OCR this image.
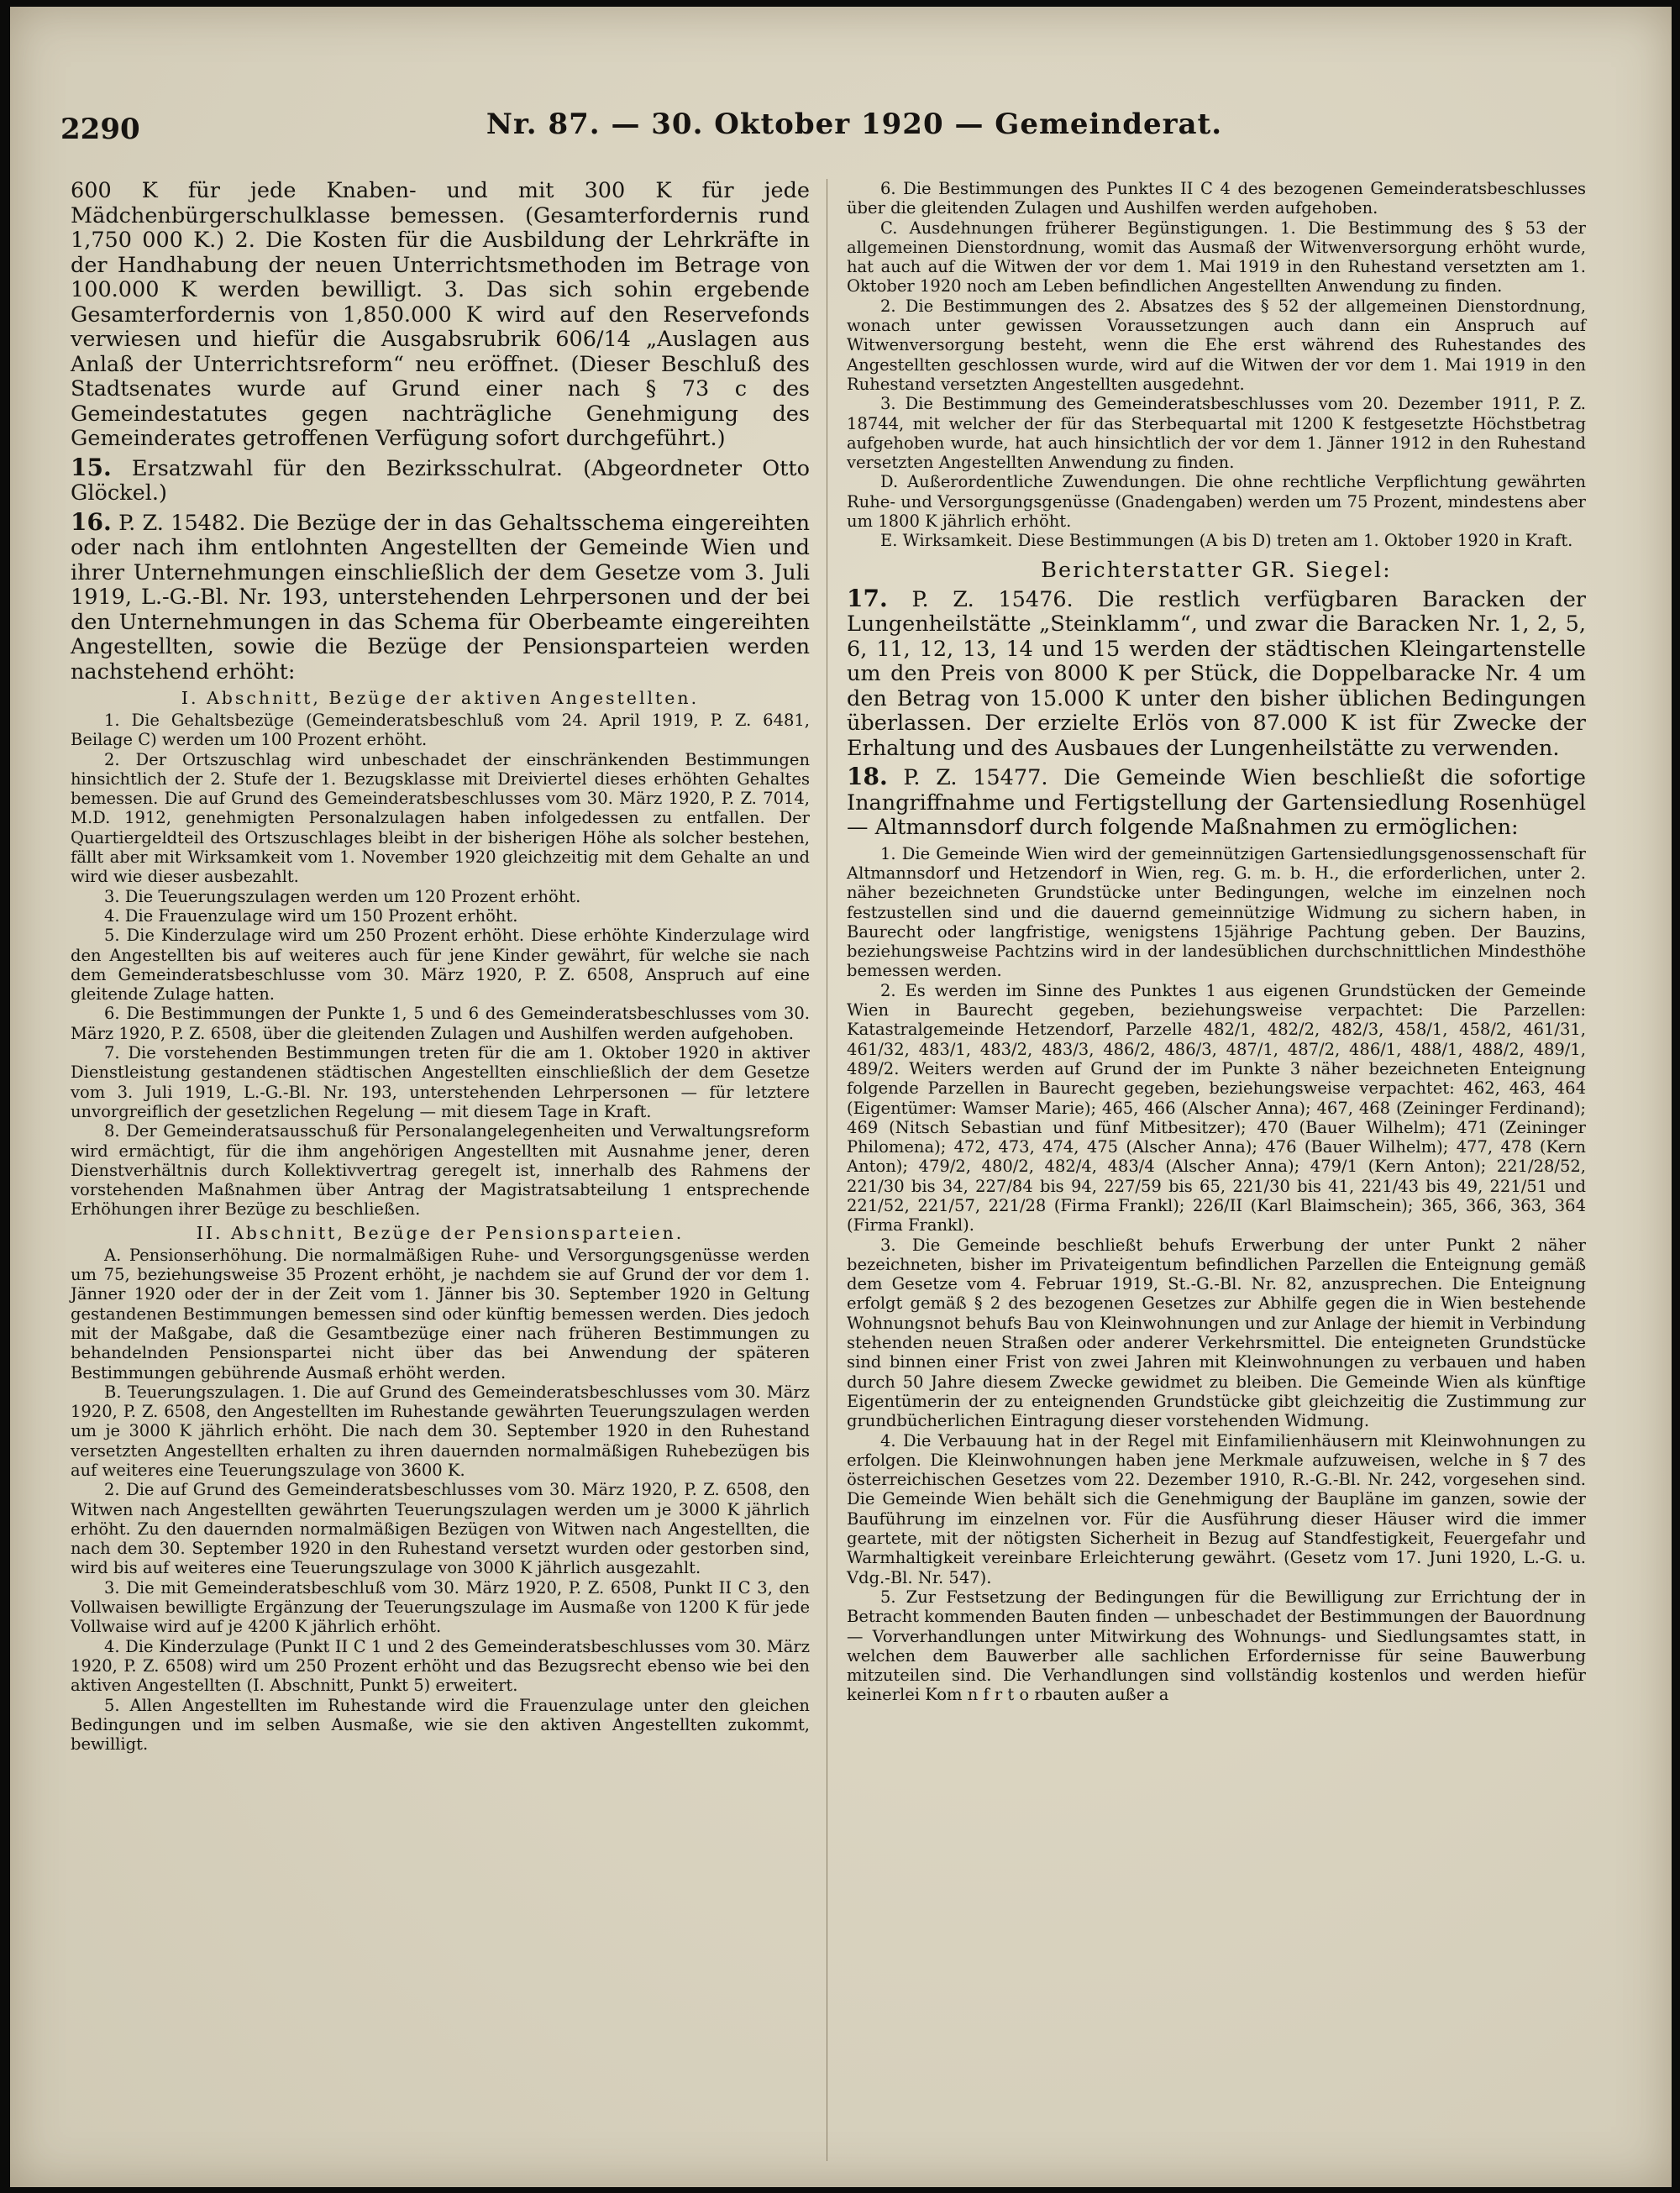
2290	Nr. 87. — 30. Oktober 1920 — Gemeinderat.

600 K für jede Knaben- und mit 300 K für jede Mädchenbürgerschulklasse bemessen. (Gesamterfordernis rund 1,750 000 K.) 2. Die Kosten für die Ausbildung der Lehrkräfte in der Handhabung der neuen Unterrichtsmethoden im Betrage von 100.000 K werden bewilligt. 3. Das sich sohin ergebende Gesamterfordernis von 1,850.000 K wird auf den Reservefonds verwiesen und hiefür die Ausgabsrubrik 606/14 „Auslagen aus Anlaß der Unterrichtsreform“ neu eröffnet. (Dieser Beschluß des Stadtsenates wurde auf Grund einer nach § 73 c des Gemeindestatutes gegen nachträgliche Genehmigung des Gemeinderates getroffenen Verfügung sofort durchgeführt.)

15. Ersatzwahl für den Bezirksschulrat. (Abgeordneter Otto Glöckel.)

16. P. Z. 15482. Die Bezüge der in das Gehaltsschema eingereihten oder nach ihm entlohnten Angestellten der Gemeinde Wien und ihrer Unternehmungen einschließlich der dem Gesetze vom 3. Juli 1919, L.-G.-Bl. Nr. 193, unterstehenden Lehrpersonen und der bei den Unternehmungen in das Schema für Oberbeamte eingereihten Angestellten, sowie die Bezüge der Pensionsparteien werden nachstehend erhöht:

I. Abschnitt, Bezüge der aktiven Angestellten.

1. Die Gehaltsbezüge (Gemeinderatsbeschluß vom 24. April 1919, P. Z. 6481, Beilage C) werden um 100 Prozent erhöht.

2. Der Ortszuschlag wird unbeschadet der einschränkenden Bestimmungen hinsichtlich der 2. Stufe der 1. Bezugsklasse mit Dreiviertel dieses erhöhten Gehaltes bemessen. Die auf Grund des Gemeinderatsbeschlusses vom 30. März 1920, P. Z. 7014, M.D. 1912, genehmigten Personalzulagen haben infolgedessen zu entfallen. Der Quartiergeldteil des Ortszuschlages bleibt in der bisherigen Höhe als solcher bestehen, fällt aber mit Wirksamkeit vom 1. November 1920 gleichzeitig mit dem Gehalte an und wird wie dieser ausbezahlt.

3. Die Teuerungszulagen werden um 120 Prozent erhöht.

4. Die Frauenzulage wird um 150 Prozent erhöht.

5. Die Kinderzulage wird um 250 Prozent erhöht. Diese erhöhte Kinderzulage wird den Angestellten bis auf weiteres auch für jene Kinder gewährt, für welche sie nach dem Gemeinderatsbeschlusse vom 30. März 1920, P. Z. 6508, Anspruch auf eine gleitende Zulage hatten.

6. Die Bestimmungen der Punkte 1, 5 und 6 des Gemeinderatsbeschlusses vom 30. März 1920, P. Z. 6508, über die gleitenden Zulagen und Aushilfen werden aufgehoben.

7. Die vorstehenden Bestimmungen treten für die am 1. Oktober 1920 in aktiver Dienstleistung gestandenen städtischen Angestellten einschließlich der dem Gesetze vom 3. Juli 1919, L.-G.-Bl. Nr. 193, unterstehenden Lehrpersonen — für letztere unvorgreiflich der gesetzlichen Regelung — mit diesem Tage in Kraft.

8. Der Gemeinderatsausschuß für Personalangelegenheiten und Verwaltungsreform wird ermächtigt, für die ihm angehörigen Angestellten mit Ausnahme jener, deren Dienstverhältnis durch Kollektivvertrag geregelt ist, innerhalb des Rahmens der vorstehenden Maßnahmen über Antrag der Magistratsabteilung 1 entsprechende Erhöhungen ihrer Bezüge zu beschließen.

II. Abschnitt, Bezüge der Pensionsparteien.

A. Pensionserhöhung. Die normalmäßigen Ruhe- und Versorgungsgenüsse werden um 75, beziehungsweise 35 Prozent erhöht, je nachdem sie auf Grund der vor dem 1. Jänner 1920 oder der in der Zeit vom 1. Jänner bis 30. September 1920 in Geltung gestandenen Bestimmungen bemessen sind oder künftig bemessen werden. Dies jedoch mit der Maßgabe, daß die Gesamtbezüge einer nach früheren Bestimmungen zu behandelnden Pensionspartei nicht über das bei Anwendung der späteren Bestimmungen gebührende Ausmaß erhöht werden.

B. Teuerungszulagen. 1. Die auf Grund des Gemeinderatsbeschlusses vom 30. März 1920, P. Z. 6508, den Angestellten im Ruhestande gewährten Teuerungszulagen werden um je 3000 K jährlich erhöht. Die nach dem 30. September 1920 in den Ruhestand versetzten Angestellten erhalten zu ihren dauernden normalmäßigen Ruhebezügen bis auf weiteres eine Teuerungszulage von 3600 K.

2. Die auf Grund des Gemeinderatsbeschlusses vom 30. März 1920, P. Z. 6508, den Witwen nach Angestellten gewährten Teuerungszulagen werden um je 3000 K jährlich erhöht. Zu den dauernden normalmäßigen Bezügen von Witwen nach Angestellten, die nach dem 30. September 1920 in den Ruhestand versetzt wurden oder gestorben sind, wird bis auf weiteres eine Teuerungszulage von 3000 K jährlich ausgezahlt.

3. Die mit Gemeinderatsbeschluß vom 30. März 1920, P. Z. 6508, Punkt II C 3, den Vollwaisen bewilligte Ergänzung der Teuerungszulage im Ausmaße von 1200 K für jede Vollwaise wird auf je 4200 K jährlich erhöht.

4. Die Kinderzulage (Punkt II C 1 und 2 des Gemeinderatsbeschlusses vom 30. März 1920, P. Z. 6508) wird um 250 Prozent erhöht und das Bezugsrecht ebenso wie bei den aktiven Angestellten (I. Abschnitt, Punkt 5) erweitert.

5. Allen Angestellten im Ruhestande wird die Frauenzulage unter den gleichen Bedingungen und im selben Ausmaße, wie sie den aktiven Angestellten zukommt, bewilligt.

6. Die Bestimmungen des Punktes II C 4 des bezogenen Gemeinderatsbeschlusses über die gleitenden Zulagen und Aushilfen werden aufgehoben.

C. Ausdehnungen früherer Begünstigungen. 1. Die Bestimmung des § 53 der allgemeinen Dienstordnung, womit das Ausmaß der Witwenversorgung erhöht wurde, hat auch auf die Witwen der vor dem 1. Mai 1919 in den Ruhestand versetzten am 1. Oktober 1920 noch am Leben befindlichen Angestellten Anwendung zu finden.

2. Die Bestimmungen des 2. Absatzes des § 52 der allgemeinen Dienstordnung, wonach unter gewissen Voraussetzungen auch dann ein Anspruch auf Witwenversorgung besteht, wenn die Ehe erst während des Ruhestandes des Angestellten geschlossen wurde, wird auf die Witwen der vor dem 1. Mai 1919 in den Ruhestand versetzten Angestellten ausgedehnt.

3. Die Bestimmung des Gemeinderatsbeschlusses vom 20. Dezember 1911, P. Z. 18744, mit welcher der für das Sterbequartal mit 1200 K festgesetzte Höchstbetrag aufgehoben wurde, hat auch hinsichtlich der vor dem 1. Jänner 1912 in den Ruhestand versetzten Angestellten Anwendung zu finden.

D. Außerordentliche Zuwendungen. Die ohne rechtliche Verpflichtung gewährten Ruhe- und Versorgungsgenüsse (Gnadengaben) werden um 75 Prozent, mindestens aber um 1800 K jährlich erhöht.

E. Wirksamkeit. Diese Bestimmungen (A bis D) treten am 1. Oktober 1920 in Kraft.

Berichterstatter GR. Siegel:

17. P. Z. 15476. Die restlich verfügbaren Baracken der Lungenheilstätte „Steinklamm“, und zwar die Baracken Nr. 1, 2, 5, 6, 11, 12, 13, 14 und 15 werden der städtischen Kleingartenstelle um den Preis von 8000 K per Stück, die Doppelbaracke Nr. 4 um den Betrag von 15.000 K unter den bisher üblichen Bedingungen überlassen. Der erzielte Erlös von 87.000 K ist für Zwecke der Erhaltung und des Ausbaues der Lungenheilstätte zu verwenden.

18. P. Z. 15477. Die Gemeinde Wien beschließt die sofortige Inangriffnahme und Fertigstellung der Gartensiedlung Rosenhügel — Altmannsdorf durch folgende Maßnahmen zu ermöglichen:

1. Die Gemeinde Wien wird der gemeinnützigen Gartensiedlungsgenossenschaft für Altmannsdorf und Hetzendorf in Wien, reg. G. m. b. H., die erforderlichen, unter 2. näher bezeichneten Grundstücke unter Bedingungen, welche im einzelnen noch festzustellen sind und die dauernd gemeinnützige Widmung zu sichern haben, in Baurecht oder langfristige, wenigstens 15jährige Pachtung geben. Der Bauzins, beziehungsweise Pachtzins wird in der landesüblichen durchschnittlichen Mindesthöhe bemessen werden.

2. Es werden im Sinne des Punktes 1 aus eigenen Grundstücken der Gemeinde Wien in Baurecht gegeben, beziehungsweise verpachtet: Die Parzellen: Katastralgemeinde Hetzendorf, Parzelle 482/1, 482/2, 482/3, 458/1, 458/2, 461/31, 461/32, 483/1, 483/2, 483/3, 486/2, 486/3, 487/1, 487/2, 486/1, 488/1, 488/2, 489/1, 489/2. Weiters werden auf Grund der im Punkte 3 näher bezeichneten Enteignung folgende Parzellen in Baurecht gegeben, beziehungsweise verpachtet: 462, 463, 464 (Eigentümer: Wamser Marie); 465, 466 (Alscher Anna); 467, 468 (Zeininger Ferdinand); 469 (Nitsch Sebastian und fünf Mitbesitzer); 470 (Bauer Wilhelm); 471 (Zeininger Philomena); 472, 473, 474, 475 (Alscher Anna); 476 (Bauer Wilhelm); 477, 478 (Kern Anton); 479/2, 480/2, 482/4, 483/4 (Alscher Anna); 479/1 (Kern Anton); 221/28/52, 221/30 bis 34, 227/84 bis 94, 227/59 bis 65, 221/30 bis 41, 221/43 bis 49, 221/51 und 221/52, 221/57, 221/28 (Firma Frankl); 226/II (Karl Blaimschein); 365, 366, 363, 364 (Firma Frankl).

3. Die Gemeinde beschließt behufs Erwerbung der unter Punkt 2 näher bezeichneten, bisher im Privateigentum befindlichen Parzellen die Enteignung gemäß dem Gesetze vom 4. Februar 1919, St.-G.-Bl. Nr. 82, anzusprechen. Die Enteignung erfolgt gemäß § 2 des bezogenen Gesetzes zur Abhilfe gegen die in Wien bestehende Wohnungsnot behufs Bau von Kleinwohnungen und zur Anlage der hiemit in Verbindung stehenden neuen Straßen oder anderer Verkehrsmittel. Die enteigneten Grundstücke sind binnen einer Frist von zwei Jahren mit Kleinwohnungen zu verbauen und haben durch 50 Jahre diesem Zwecke gewidmet zu bleiben. Die Gemeinde Wien als künftige Eigentümerin der zu enteignenden Grundstücke gibt gleichzeitig die Zustimmung zur grundbücherlichen Eintragung dieser vorstehenden Widmung.

4. Die Verbauung hat in der Regel mit Einfamilienhäusern mit Kleinwohnungen zu erfolgen. Die Kleinwohnungen haben jene Merkmale aufzuweisen, welche in § 7 des österreichischen Gesetzes vom 22. Dezember 1910, R.-G.-Bl. Nr. 242, vorgesehen sind. Die Gemeinde Wien behält sich die Genehmigung der Baupläne im ganzen, sowie der Bauführung im einzelnen vor. Für die Ausführung dieser Häuser wird die immer geartete, mit der nötigsten Sicherheit in Bezug auf Standfestigkeit, Feuergefahr und Warmhaltigkeit vereinbare Erleichterung gewährt. (Gesetz vom 17. Juni 1920, L.-G. u. Vdg.-Bl. Nr. 547).

5. Zur Festsetzung der Bedingungen für die Bewilligung zur Errichtung der in Betracht kommenden Bauten finden — unbeschadet der Bestimmungen der Bauordnung — Vorverhandlungen unter Mitwirkung des Wohnungs- und Siedlungsamtes statt, in welchen dem Bauwerber alle sachlichen Erfordernisse für seine Bauwerbung mitzuteilen sind. Die Verhandlungen sind vollständig kostenlos und werden hiefür keinerlei Kom n f r t o rbauten außer a
